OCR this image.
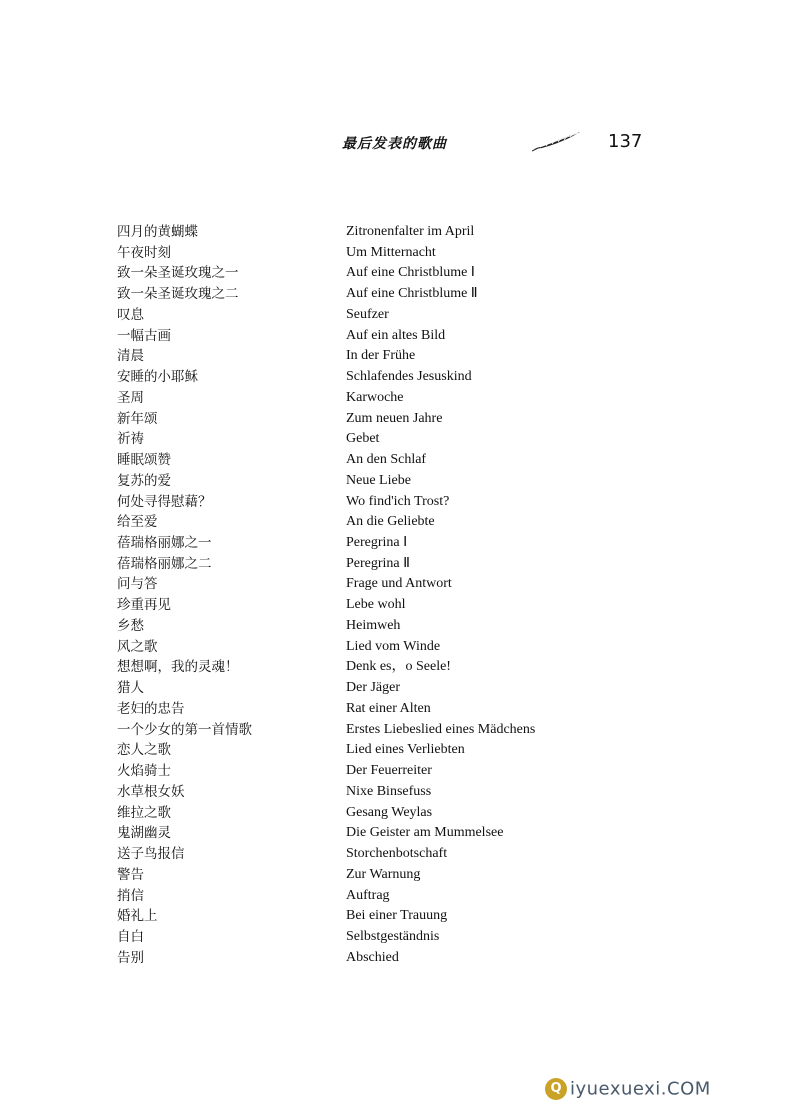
最后发表的歌曲	137
四月的黄蝴蝶	Zitronenfalter im April
午夜时刻	Um Mitternacht
致一朵圣诞玫瑰之一	Auf eine Christblume Ⅰ
致一朵圣诞玫瑰之二	Auf eine Christblume Ⅱ
叹息	Seufzer
一幅古画	Auf ein altes Bild
清晨	In der Frühe
安睡的小耶稣	Schlafendes Jesuskind
圣周	Karwoche
新年颂	Zum neuen Jahre
祈祷	Gebet
睡眠颂赞	An den Schlaf
复苏的爱	Neue Liebe
何处寻得慰藉？	Wo find'ich Trost?
给至爱	An die Geliebte
蓓瑞格丽娜之一	Peregrina Ⅰ
蓓瑞格丽娜之二	Peregrina Ⅱ
问与答	Frage und Antwort
珍重再见	Lebe wohl
乡愁	Heimweh
风之歌	Lied vom Winde
想想啊，我的灵魂！	Denk es，o Seele!
猎人	Der Jäger
老妇的忠告	Rat einer Alten
一个少女的第一首情歌	Erstes Liebeslied eines Mädchens
恋人之歌	Lied eines Verliebten
火焰骑士	Der Feuerreiter
水草根女妖	Nixe Binsefuss
维拉之歌	Gesang Weylas
鬼湖幽灵	Die Geister am Mummelsee
送子鸟报信	Storchenbotschaft
警告	Zur Warnung
捎信	Auftrag
婚礼上	Bei einer Trauung
自白	Selbstgeständnis
告别	Abschied
Q iyuexuexi.COM
